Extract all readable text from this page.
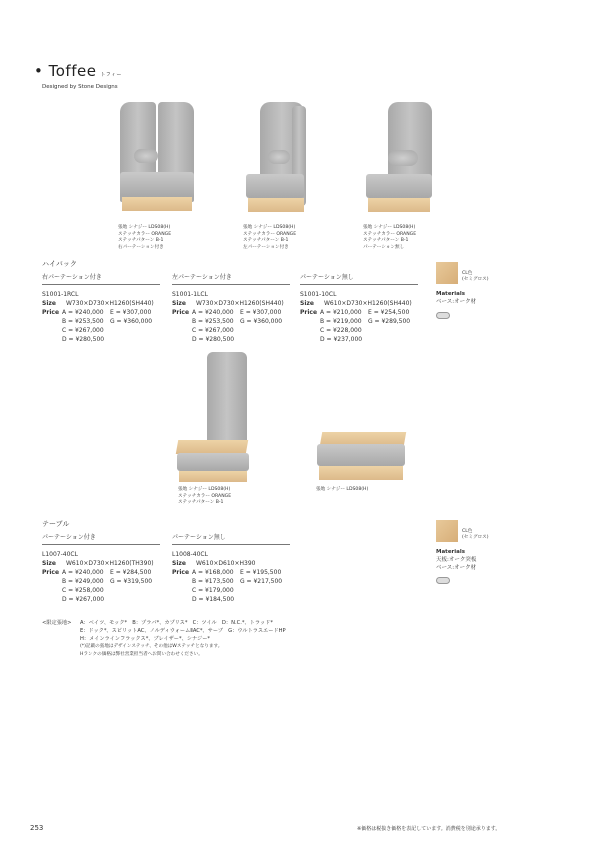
• Toffee トフィー
Designed by Stone Designs
張地 シナジー LDS08(H)
ステッチカラー ORANGE
ステッチパターン B-1
右パーテーション付き
張地 シナジー LDS08(H)
ステッチカラー ORANGE
ステッチパターン B-1
左パーテーション付き
張地 シナジー LDS08(H)
ステッチカラー ORANGE
ステッチパターン B-1
パーテーション無し
ハイバック
右パーテーション付き
S1001-1RCL
Size	W730×D730×H1260(SH440)
Price A = ¥240,000	E = ¥307,000
B = ¥253,500	G = ¥360,000
C = ¥267,000
D = ¥280,500
左パーテーション付き
S1001-1LCL
Size	W730×D730×H1260(SH440)
Price A = ¥240,000	E = ¥307,000
B = ¥253,500	G = ¥360,000
C = ¥267,000
D = ¥280,500
パーテーション無し
S1001-10CL
Size	W610×D730×H1260(SH440)
Price A = ¥210,000	E = ¥254,500
B = ¥219,000	G = ¥289,500
C = ¥228,000
D = ¥237,000
CL色
(セミグロス)
Materials
ベース:オーク材
張地 シナジー LDS08(H)
ステッチカラー ORANGE
ステッチパターン B-1
張地 シナジー LDS08(H)
テーブル
パーテーション付き
L1007-40CL
Size	W610×D730×H1260(TH390)
Price A = ¥240,000	E = ¥284,500
B = ¥249,000	G = ¥319,500
C = ¥258,000
D = ¥267,000
パーテーション無し
L1008-40CL
Size	W610×D610×H390
Price A = ¥168,000	E = ¥195,500
B = ¥173,500	G = ¥217,500
C = ¥179,000
D = ¥184,500
CL色
(セミグロス)
Materials
天板:オーク突板
ベース:オーク材
<限定張地>	A：ベイツ、モック*　B：プラバ*、カプリス*　C：ツイル　D：N.C.*、トラッド*
E：ドック*、スピリットAC、ノルディウォームⅡAC*、サーブ　G：ウルトラスエードHP
H：メインラインフラックス*、ブレイザー*、シナジー*
(*)記載の張地はデザインステッチ、その他はWステッチとなります。
Hランクの価格は弊社営業担当者へお問い合わせください。
253	※価格は税抜き価格を表記しています。消費税を別途承ります。
